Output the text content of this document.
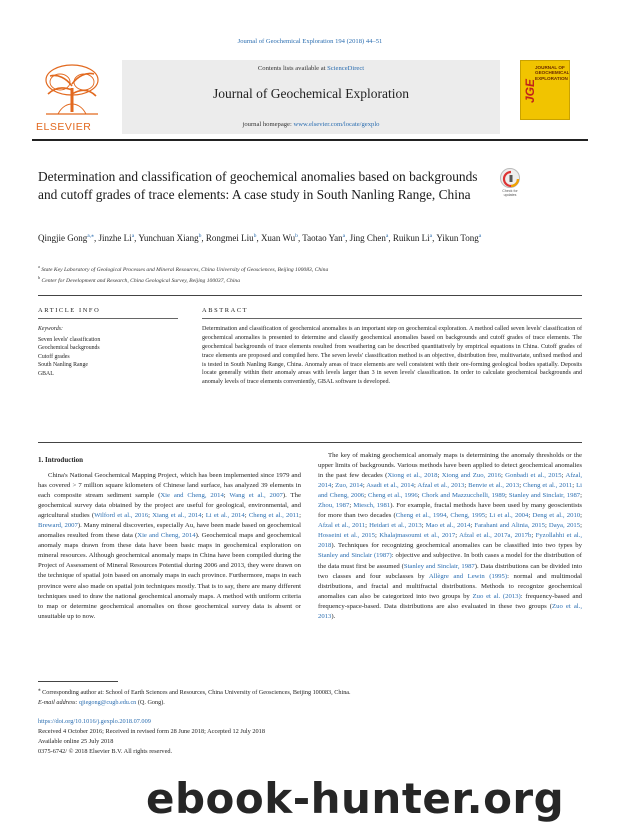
Journal of Geochemical Exploration 194 (2018) 44–51
ELSEVIER
Contents lists available at ScienceDirect
Journal of Geochemical Exploration
journal homepage: www.elsevier.com/locate/gexplo
JOURNAL OF GEOCHEMICAL EXPLORATION
JGE
Determination and classification of geochemical anomalies based on backgrounds and cutoff grades of trace elements: A case study in South Nanling Range, China	Check for updates
Qingjie Gong$^{a,⁎}$, Jinzhe Li$^a$, Yunchuan Xiang$^b$, Rongmei Liu$^b$, Xuan Wu$^b$, Taotao Yan$^a$, Jing Chen$^a$, Ruikun Li$^a$, Yikun Tong$^a$
$^a$ State Key Laboratory of Geological Processes and Mineral Resources, China University of Geosciences, Beijing 100083, China
$^b$ Center for Development and Research, China Geological Survey, Beijing 100037, China
ARTICLE INFO
Keywords:
Seven levels' classification
Geochemical backgrounds
Cutoff grades
South Nanling Range
GBAL
ABSTRACT

Determination and classification of geochemical anomalies is an important step on geochemical exploration. A method called seven levels' classification of geochemical anomalies is presented to determine and classify geochemical anomalies based on backgrounds and cutoff grades of trace elements. The geochemical backgrounds of trace elements resulted from weathering can be described quantitatively by empirical equations in China. Cutoff grades of trace elements are proposed and compiled here. The seven levels' classification method is an objective, distribution free, multivariate, unfixed method and is tested in South Nanling Range, China. Anomaly areas of trace elements are well consistent with their ore-forming geological bodies spatially. Deposits locate generally within their anomaly areas with levels larger than 3 in seven levels' classification. In order to calculate geochemical backgrounds and anomaly levels of trace elements conveniently, GBAL software is developed.

1. Introduction

China's National Geochemical Mapping Project, which has been implemented since 1979 and has covered > 7 million square kilometers of Chinese land surface, has analyzed 39 elements in each composite stream sediment sample (Xie and Cheng, 2014; Wang et al., 2007). The geochemical survey data obtained by the project are useful for geological, environmental, and agricultural studies (Wilford et al., 2016; Xiang et al., 2014; Li et al., 2014; Cheng et al., 2011; Breward, 2007). Many mineral discoveries, especially Au, have been made based on geochemical anomalies resulted from these data (Xie and Cheng, 2014). Geochemical maps and geochemical anomaly maps drawn from these data have been basic maps in geochemical exploration on mineral resources. Although geochemical anomaly maps in China have been compiled during the Project of Assessment of Mineral Resources Potential during 2006 and 2013, they were drawn on the technique of spatial join based on anomaly maps in each province. Furthermore, maps in each province were also made on spatial join techniques mostly. That is to say, there are many different techniques used to draw the national geochemical anomaly maps. A method with uniform criteria to map or determine geochemical anomalies on those geochemical survey data is absent or unsuitable up to now.

The key of making geochemical anomaly maps is determining the anomaly thresholds or the upper limits of backgrounds. Various methods have been applied to detect geochemical anomalies in the past few decades (Xiong et al., 2018; Xiong and Zuo, 2016; Gonbadi et al., 2015; Afzal, 2014; Zuo, 2014; Asadi et al., 2014; Afzal et al., 2013; Benvie et al., 2013; Cheng et al., 2011; Li and Cheng, 2006; Cheng et al., 1996; Chork and Mazzucchelli, 1989; Stanley and Sinclair, 1987; Zhou, 1987; Miesch, 1981). For example, fractal methods have been used by many geoscientists for more than two decades (Cheng et al., 1994, Cheng, 1995; Li et al., 2004; Deng et al., 2010; Afzal et al., 2011; Heidari et al., 2013; Mao et al., 2014; Farahani and Alinia, 2015; Daya, 2015; Hosseini et al., 2015; Khalajmasoumi et al., 2017; Afzal et al., 2017a, 2017b; Fyzollahhi et al., 2018). Techniques for recognizing geochemical anomalies can be classified into two types by Stanley and Sinclair (1987): objective and subjective. In both cases a model for the distribution of the data must first be assumed (Stanley and Sinclair, 1987). Data distributions can be divided into two classes and four subclasses by Allègre and Lewin (1995): normal and multimodal distributions, and fractal and multifractal distributions. Methods to recognize geochemical anomalies can also be categorized into two groups by Zuo et al. (2013): frequency-based and frequency-space-based. Data distributions are also evaluated in these two groups (Zuo et al., 2013).

⁎ Corresponding author at: School of Earth Sciences and Resources, China University of Geosciences, Beijing 100083, China.
E-mail address: qjiegong@cugb.edu.cn (Q. Gong).
https://doi.org/10.1016/j.gexplo.2018.07.009
Received 4 October 2016; Received in revised form 28 June 2018; Accepted 12 July 2018
Available online 25 July 2018
0375-6742/ © 2018 Elsevier B.V. All rights reserved.
ebook-hunter.org
